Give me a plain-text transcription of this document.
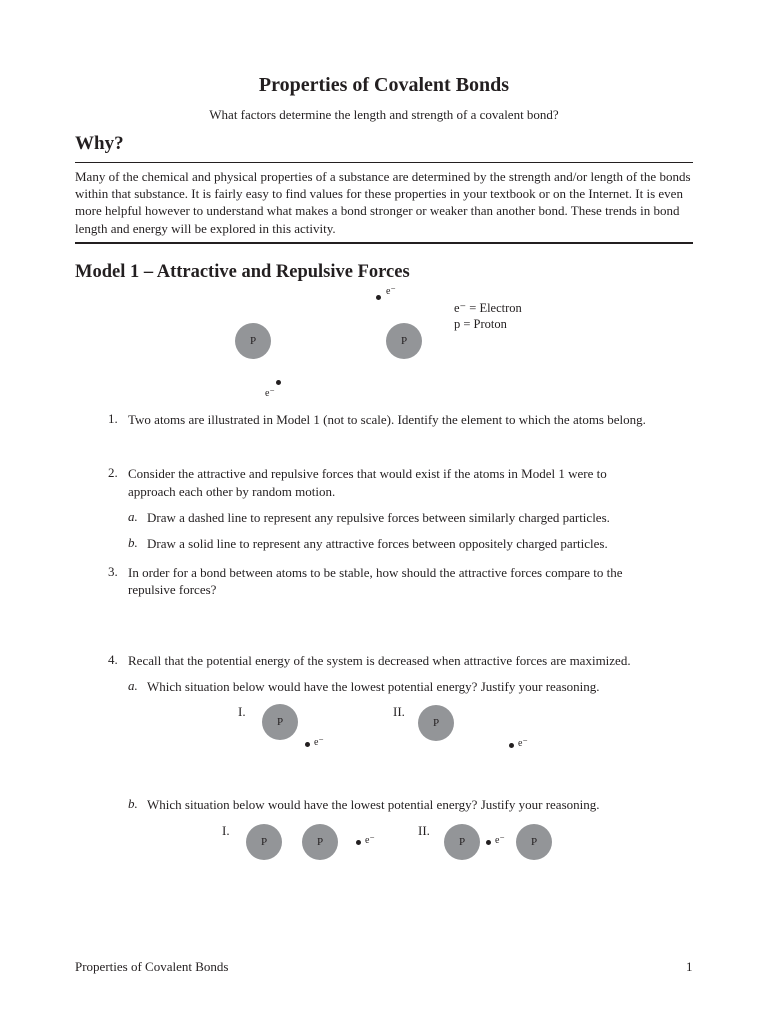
Properties of Covalent Bonds
What factors determine the length and strength of a covalent bond?
Why?
Many of the chemical and physical properties of a substance are determined by the strength and/or length of the bonds within that substance. It is fairly easy to find values for these properties in your textbook or on the Internet. It is even more helpful however to understand what makes a bond stronger or weaker than another bond. These trends in bond length and energy will be explored in this activity.
Model 1 – Attractive and Repulsive Forces
P	P
e⁻
e⁻
e⁻ = Electron
p = Proton
1. Two atoms are illustrated in Model 1 (not to scale). Identify the element to which the atoms belong.
2. Consider the attractive and repulsive forces that would exist if the atoms in Model 1 were to
approach each other by random motion.
a. Draw a dashed line to represent any repulsive forces between similarly charged particles.
b. Draw a solid line to represent any attractive forces between oppositely charged particles.
3. In order for a bond between atoms to be stable, how should the attractive forces compare to the
repulsive forces?
4. Recall that the potential energy of the system is decreased when attractive forces are maximized.
a. Which situation below would have the lowest potential energy? Justify your reasoning.
I.
P
e⁻
II.
P
e⁻
b. Which situation below would have the lowest potential energy? Justify your reasoning.
I.
P	P	e⁻
II.
P	e⁻	P
Properties of Covalent Bonds	1
